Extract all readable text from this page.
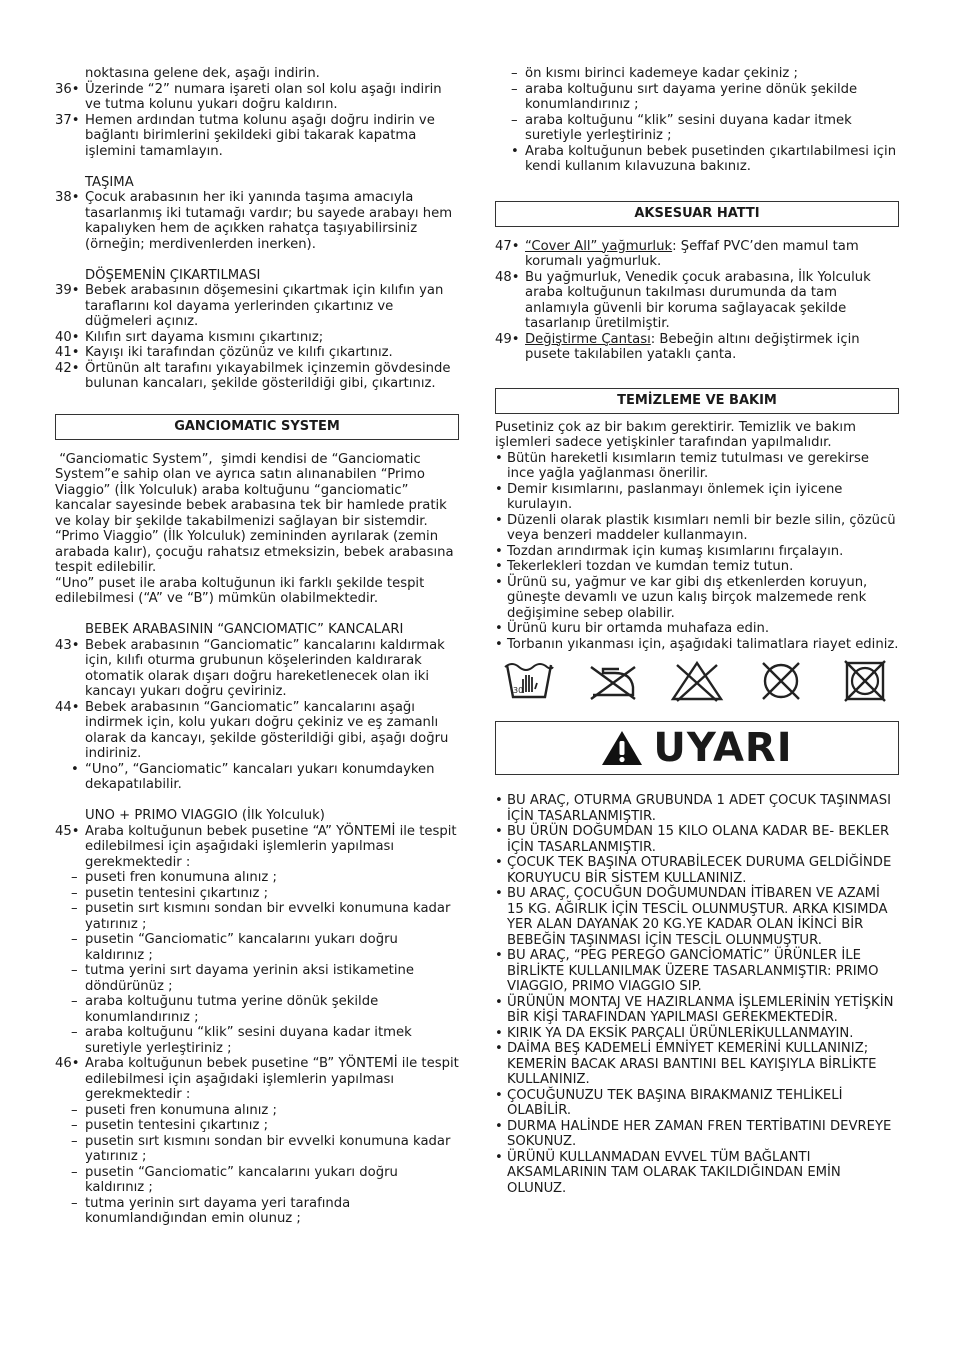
noktasına gelene dek, aşağı indirin.
36• Üzerinde “2” numara işareti olan sol kolu aşağı indirin ve tutma kolunu yukarı doğru kaldırın.
37• Hemen ardından tutma kolunu aşağı doğru indirin ve bağlantı birimlerini şekildeki gibi takarak kapatma işlemini tamamlayın.
TAŞIMA
38• Çocuk arabasının her iki yanında taşıma amacıyla tasarlanmış iki tutamağı vardır; bu sayede arabayı hem kapalıyken hem de açıkken rahatça taşıyabilirsiniz (örneğin; merdivenlerden inerken).
DÖŞEMENİN ÇIKARTILMASI
39• Bebek arabasının döşemesini çıkartmak için kılıfın yan taraflarını kol dayama yerlerinden çıkartınız ve düğmeleri açınız.
40• Kılıfın sırt dayama kısmını çıkartınız;
41• Kayışı iki tarafından çözünüz ve kılıfı çıkartınız.
42• Örtünün alt tarafını yıkayabilmek içinzemin gövdesinde bulunan kancaları, şekilde gösterildiği gibi, çıkartınız.
GANCIOMATIC SYSTEM
“Ganciomatic System”,  şimdi kendisi de “Ganciomatic System”e sahip olan ve ayrıca satın alınanabilen “Primo Viaggio” (İlk Yolculuk) araba koltuğunu “ganciomatic” kancalar sayesinde bebek arabasına tek bir hamlede pratik ve kolay bir şekilde takabilmenizi sağlayan bir sistemdir.
“Primo Viaggio” (İlk Yolculuk) zemininden ayrılarak (zemin arabada kalır), çocuğu rahatsız etmeksizin, bebek arabasına tespit edilebilir.
“Uno” puset ile araba koltuğunun iki farklı şekilde tespit edilebilmesi (“A” ve “B”) mümkün olabilmektedir.
BEBEK ARABASININ “GANCIOMATIC” KANCALARI
43• Bebek arabasının “Ganciomatic” kancalarını kaldırmak için, kılıfı oturma grubunun köşelerinden kaldırarak otomatik olarak dışarı doğru hareketlenecek olan iki kancayı yukarı doğru çeviriniz.
44• Bebek arabasının “Ganciomatic” kancalarını aşağı indirmek için, kolu yukarı doğru çekiniz ve eş zamanlı olarak da kancayı, şekilde gösterildiği gibi, aşağı doğru indiriniz.
• “Uno”, “Ganciomatic” kancaları yukarı konumdayken dekapatılabilir.
UNO + PRIMO VIAGGIO (İlk Yolculuk)
45• Araba koltuğunun bebek pusetine “A” YÖNTEMİ ile tespit edilebilmesi için aşağıdaki işlemlerin yapılması gerekmektedir :
– puseti fren konumuna alınız ;
– pusetin tentesini çıkartınız ;
– pusetin sırt kısmını sondan bir evvelki konumuna kadar yatırınız ;
– pusetin “Ganciomatic” kancalarını yukarı doğru kaldırınız ;
– tutma yerini sırt dayama yerinin aksi istikametine döndürünüz ;
– araba koltuğunu tutma yerine dönük şekilde konumlandırınız ;
– araba koltuğunu “klik” sesini duyana kadar itmek suretiyle yerleştiriniz ;
46• Araba koltuğunun bebek pusetine “B” YÖNTEMİ ile tespit edilebilmesi için aşağıdaki işlemlerin yapılması gerekmektedir :
– puseti fren konumuna alınız ;
– pusetin tentesini çıkartınız ;
– pusetin sırt kısmını sondan bir evvelki konumuna kadar yatırınız ;
– pusetin “Ganciomatic” kancalarını yukarı doğru kaldırınız ;
– tutma yerinin sırt dayama yeri tarafında konumlandığından emin olunuz ;
– ön kısmı birinci kademeye kadar çekiniz ;
– araba koltuğunu sırt dayama yerine dönük şekilde konumlandırınız ;
– araba koltuğunu “klik” sesini duyana kadar itmek suretiyle yerleştiriniz ;
• Araba koltuğunun bebek pusetinden çıkartılabilmesi için kendi kullanım kılavuzuna bakınız.
AKSESUAR HATTI
47• “Cover All” yağmurluk: Şeffaf PVC’den mamul tam korumalı yağmurluk.
48• Bu yağmurluk, Venedik çocuk arabasına, İlk Yolculuk araba koltuğunun takılması durumunda da tam anlamıyla güvenli bir koruma sağlayacak şekilde tasarlanıp üretilmiştir.
49• Değiştirme Çantası: Bebeğin altını değiştirmek için pusete takılabilen yataklı çanta.
TEMİZLEME VE BAKIM
Pusetiniz çok az bir bakım gerektirir. Temizlik ve bakım işlemleri sadece yetişkinler tarafından yapılmalıdır.
• Bütün hareketli kısımların temiz tutulması ve gerekirse ince yağla yağlanması önerilir.
• Demir kısımlarını, paslanmayı önlemek için iyicene kurulayın.
• Düzenli olarak plastik kısımları nemli bir bezle silin, çözücü veya benzeri maddeler kullanmayın.
• Tozdan arındırmak için kumaş kısımlarını fırçalayın.
• Tekerlekleri tozdan ve kumdan temiz tutun.
• Ürünü su, yağmur ve kar gibi dış etkenlerden koruyun, güneşte devamlı ve uzun kalış birçok malzemede renk değişimine sebep olabilir.
• Ürünü kuru bir ortamda muhafaza edin.
• Torbanın yıkanması için, aşağıdaki talimatlara riayet ediniz.
30
UYARI
• BU ARAÇ, OTURMA GRUBUNDA 1 ADET ÇOCUK TAŞINMASI İÇİN TASARLANMIŞTIR.
• BU ÜRÜN DOĞUMDAN 15 KILO OLANA KADAR BE- BEKLER İÇİN TASARLANMIŞTIR.
• ÇOCUK TEK BAŞINA OTURABİLECEK DURUMA GELDİĞİNDE KORUYUCU BİR SİSTEM KULLANINIZ.
• BU ARAÇ, ÇOCUĞUN DOĞUMUNDAN İTİBAREN VE AZAMİ 15 KG. AĞIRLIK İÇİN TESCİL OLUNMUŞTUR. ARKA KISIMDA YER ALAN DAYANAK 20 KG.YE KADAR OLAN İKİNCİ BİR BEBEĞİN TAŞINMASI İÇİN TESCİL OLUNMUŞTUR.
• BU ARAÇ, “PEG PEREGO GANCİOMATİC” ÜRÜNLER İLE BİRLİKTE KULLANILMAK ÜZERE TASARLANMIŞTIR: PRIMO VIAGGIO, PRIMO VIAGGIO SIP.
• ÜRÜNÜN MONTAJ VE HAZIRLANMA İŞLEMLERİNİN YETİŞKİN BİR KİŞİ TARAFINDAN YAPILMASI GEREKMEKTEDİR.
• KIRIK YA DA EKSİK PARÇALI ÜRÜNLERİKULLANMAYIN.
• DAİMA BEŞ KADEMELİ EMNİYET KEMERİNİ KULLANINIZ; KEMERİN BACAK ARASI BANTINI BEL KAYIŞIYLA BİRLİKTE KULLANINIZ.
• ÇOCUĞUNUZU TEK BAŞINA BIRAKMANIZ TEHLİKELİ OLABİLİR.
• DURMA HALİNDE HER ZAMAN FREN TERTİBATINI DEVREYE SOKUNUZ.
• ÜRÜNÜ KULLANMADAN EVVEL TÜM BAĞLANTI AKSAMLARININ TAM OLARAK TAKILDIĞINDAN EMİN OLUNUZ.
